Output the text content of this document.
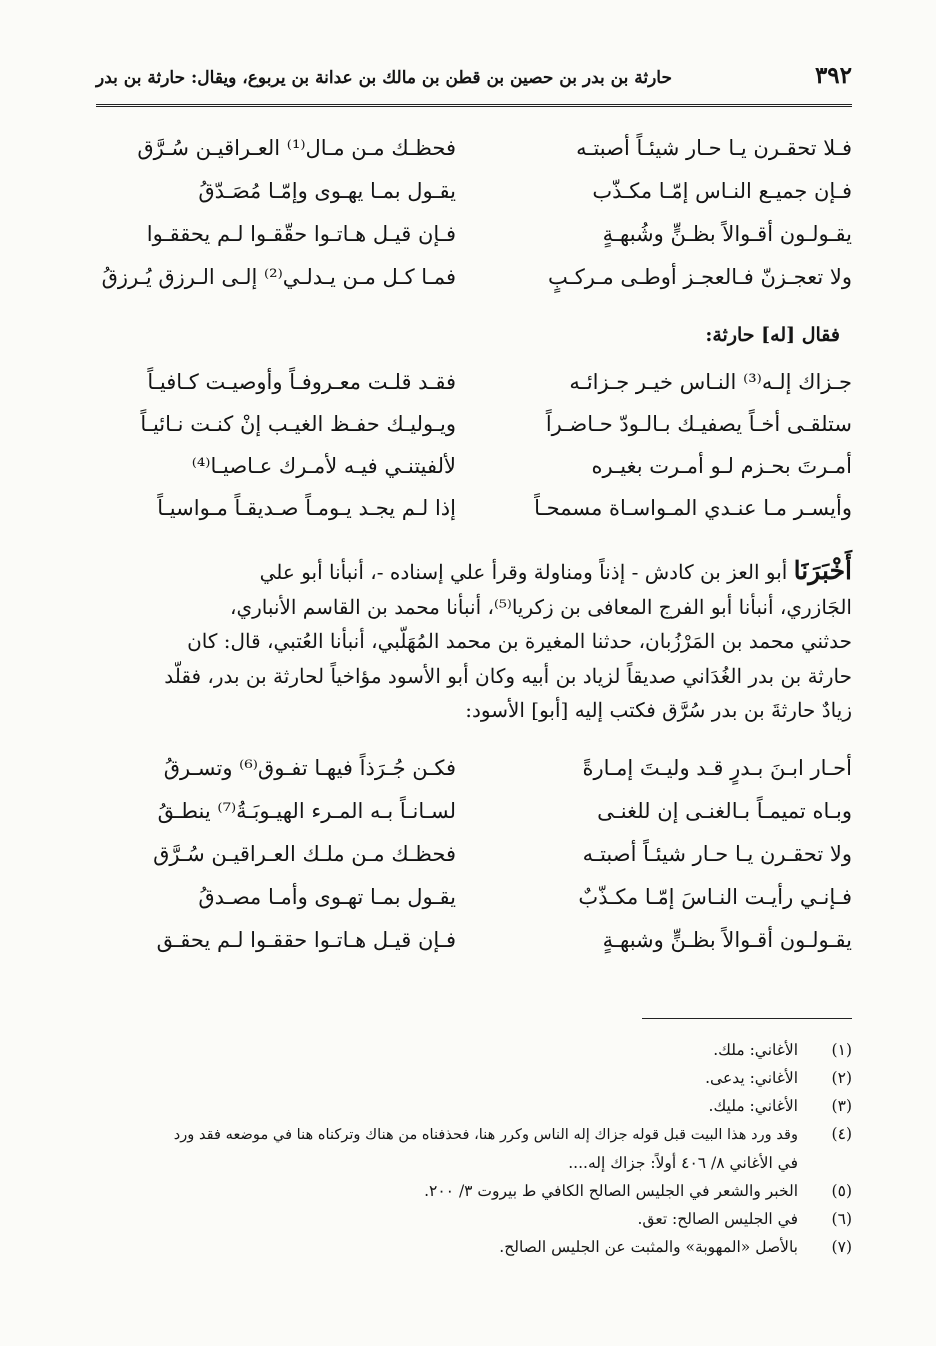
٣٩٢
حارثة بن بدر بن حصين بن قطن بن مالك بن عدانة بن يربوع، ويقال: حارثة بن بدر
فـلا تحقـرن يـا حـار شيئـاً أصبتـه
فـإن جميـع النـاس إمّـا مكـذّب
يقـولـون أقـوالاً بظـنٍّ وشُبهـةٍ
ولا تعجـزنّ فـالعجـز أوطـى مـركـبٍ
فحظـك مـن مـال⁽¹⁾ العـراقيـن سُـرَّق
يقـول بمـا يهـوى وإمّـا مُصَـدّقُ
فـإن قيـل هـاتـوا حقّقـوا لـم يحققـوا
فمـا كـل مـن يـدلـي⁽²⁾ إلـى الـرزق يُـرزقُ
فقال [له] حارثة:
جـزاك إلـه⁽³⁾ النـاس خيـر جـزائـه
ستلقـى أخـاً يصفيـك بـالـودّ حـاضـراً
أمـرتَ بحـزم لـو أمـرت بغيـره
وأيسـر مـا عنـدي المـواسـاة مسمحـاً
فقـد قلـت معـروفـاً وأوصيـت كـافيـاً
ويـوليـك حفـظ الغيـب إنْ كنـت نـائيـاً
لألفيتنـي فيـه لأمـرك عـاصيـا⁽⁴⁾
إذا لـم يجـد يـومـاً صـديقـاً مـواسيـاً
أَخْبَرَنَا أبو العز بن كادش - إذناً ومناولة وقرأ علي إسناده -، أنبأنا أبو علي
الجَازري، أنبأنا أبو الفرج المعافى بن زكريا⁽⁵⁾، أنبأنا محمد بن القاسم الأنباري،
حدثني محمد بن المَرْزُبان، حدثنا المغيرة بن محمد المُهَلّبي، أنبأنا العُتبي، قال: كان
حارثة بن بدر الغُدَاني صديقاً لزياد بن أبيه وكان أبو الأسود مؤاخياً لحارثة بن بدر، فقلّد
زيادٌ حارثةَ بن بدر سُرَّق فكتب إليه [أبو] الأسود:
أحـار ابـنَ بـدرٍ قـد وليـتَ إمـارةً
وبـاه تميمـاً بـالغنـى إن للغنـى
ولا تحقـرن يـا حـار شيئـاً أصبتـه
فـإنـي رأيـت النـاسَ إمّـا مكـذّبٌ
يقـولـون أقـوالاً بظـنٍّ وشبهـةٍ
فكـن جُـرَذاً فيهـا تفـوق⁽⁶⁾ وتسـرقُ
لسـانـاً بـه المـرء الهيـوبَـةُ⁽⁷⁾ ينطـقُ
فحظـك مـن ملـك العـراقيـن سُـرَّق
يقـول بمـا تهـوى وأمـا مصـدقُ
فـإن قيـل هـاتـوا حققـوا لـم يحقـق
(١)الأغاني: ملك.
(٢)الأغاني: يدعى.
(٣)الأغاني: مليك.
(٤)وقد ورد هذا البيت قبل قوله جزاك إله الناس وكرر هنا، فحذفناه من هناك وتركناه هنا في موضعه فقد ورد
في الأغاني ٨/ ٤٠٦ أولاً: جزاك إله....
(٥)الخبر والشعر في الجليس الصالح الكافي ط بيروت ٣/ ٢٠٠.
(٦)في الجليس الصالح: تعق.
(٧)بالأصل «المهوبة» والمثبت عن الجليس الصالح.
